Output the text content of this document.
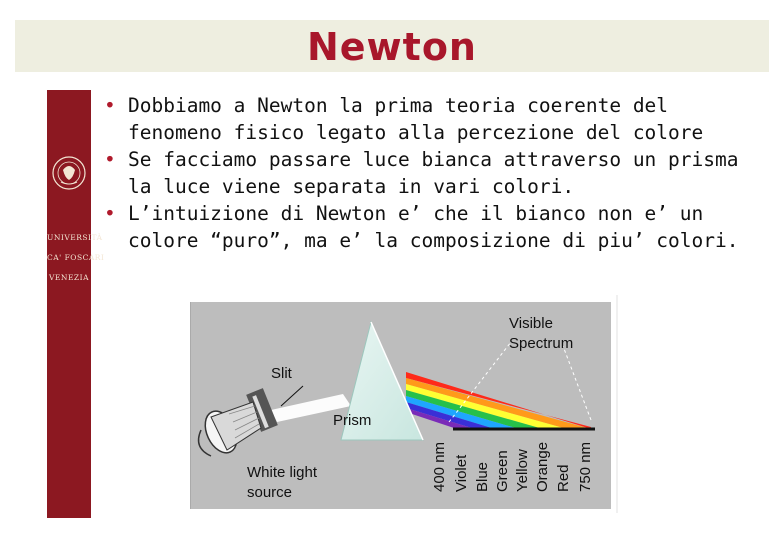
Newton
UNIVERSITÀ
CA' FOSCARI
VENEZIA
• Dobbiamo a Newton la prima teoria coerente del fenomeno fisico legato alla percezione del colore
• Se facciamo passare luce bianca attraverso un prisma la luce viene separata in vari colori.
• L’intuizione di Newton e’ che il bianco non e’ un colore “puro”, ma e’ la composizione di piu’ colori.
Visible
Spectrum
Slit
Prism
White light
source
400 nm Violet Blue Green Yellow Orange Red 750 nm
